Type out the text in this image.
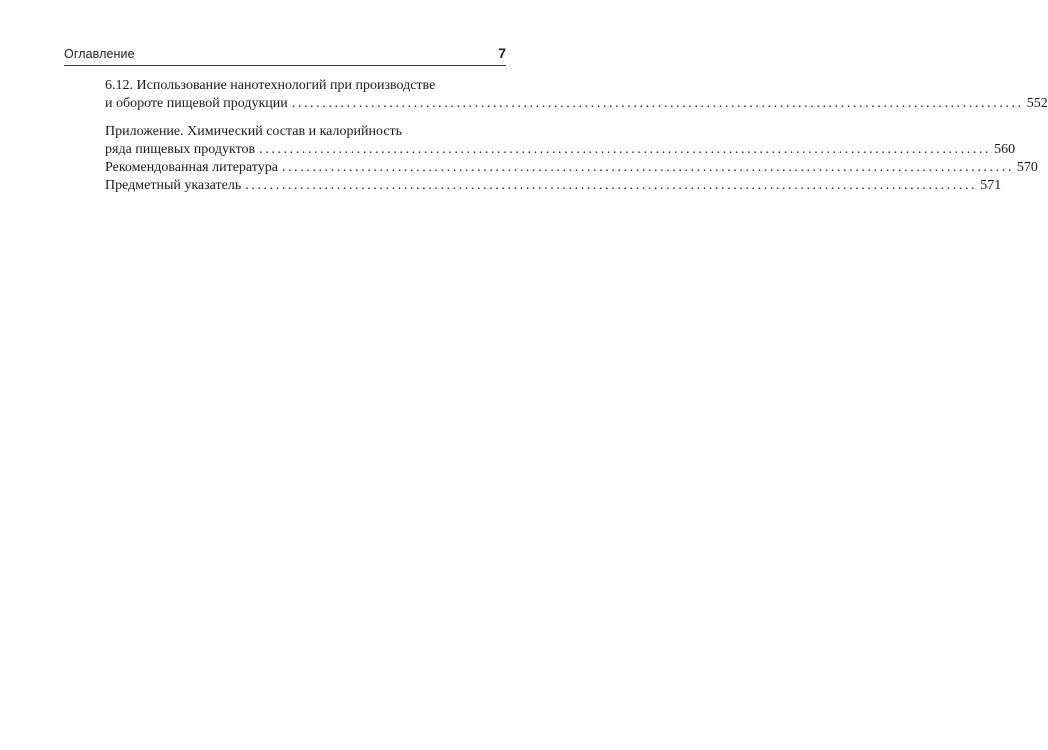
Оглавление	7
6.12. Использование нанотехнологий при производстве
и обороте пищевой продукции ........................................................................................................................ 552
Приложение. Химический состав и калорийность
ряда пищевых продуктов ........................................................................................................................ 560
Рекомендованная литература ........................................................................................................................ 570
Предметный указатель ........................................................................................................................ 571
